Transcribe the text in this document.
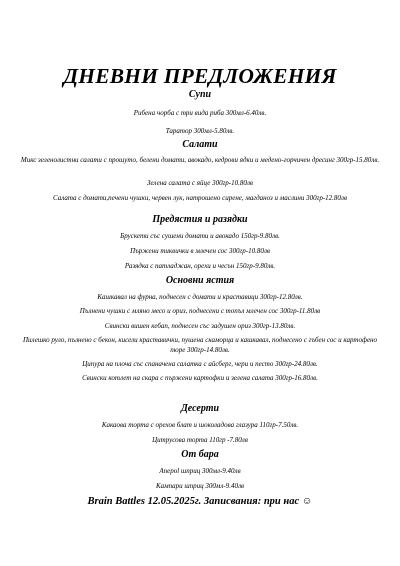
ДНЕВНИ ПРЕДЛОЖЕНИЯ
Супи
Рибена чорба с три вида риба 300мл-6.40лв.
Таратор 300мл-5.80лв.
Салати
Микс зеленолистни салати с прошуто, белени домати, авокадо, кедрови ядки и медено-горчичен дресинг 300гр-15.80лв.
Зелена салата с яйце 300гр-10.80лв
Салата с домати,печени чушки, червен лук, натрошено сирене, магданоз и маслини 300гр-12.80лв
Предястия и разядки
Брускети със сушени домати и авокадо 150гр-9.80лв.
Пържени тиквички в млечен сос 300гр-10.80лв
Разядка с патладжан, орехи и чесън 150гр-9.80лв.
Основни ястия
Кашкавал на фурна, поднесен с домати и краставици 300гр-12.80лв.
Пълнени чушки с мляно месо и ориз, поднесени с топъл млечен сос 300гр-11.80лв
Свински вишен кебап, поднесен със задушен ориз 300гр-13.80лв.
Пилешко руло, пълнено с бекон, кисели краставички, пушена скаморца и кашкавал, поднесено с гъбен сос и картофено пюре 300гр-14.80лв.
Ципура на плоча със спаначена салатка с айсберг, чери и песто 300гр-24.80лв.
Свински котлет на скара с пържени картофки и зелена салата 300гр-16.80лв.
Десерти
Какаова торта с орехов блат и шоколадова глазура 110гр-7.50лв.
Цитрусова торта 110гр -7.80лв
От бара
Апероl шприц 300мл-9.40лв
Кампари шприц 300мл-9.40лв
Brain Battles 12.05.2025г. Записвания: при нас ☺
